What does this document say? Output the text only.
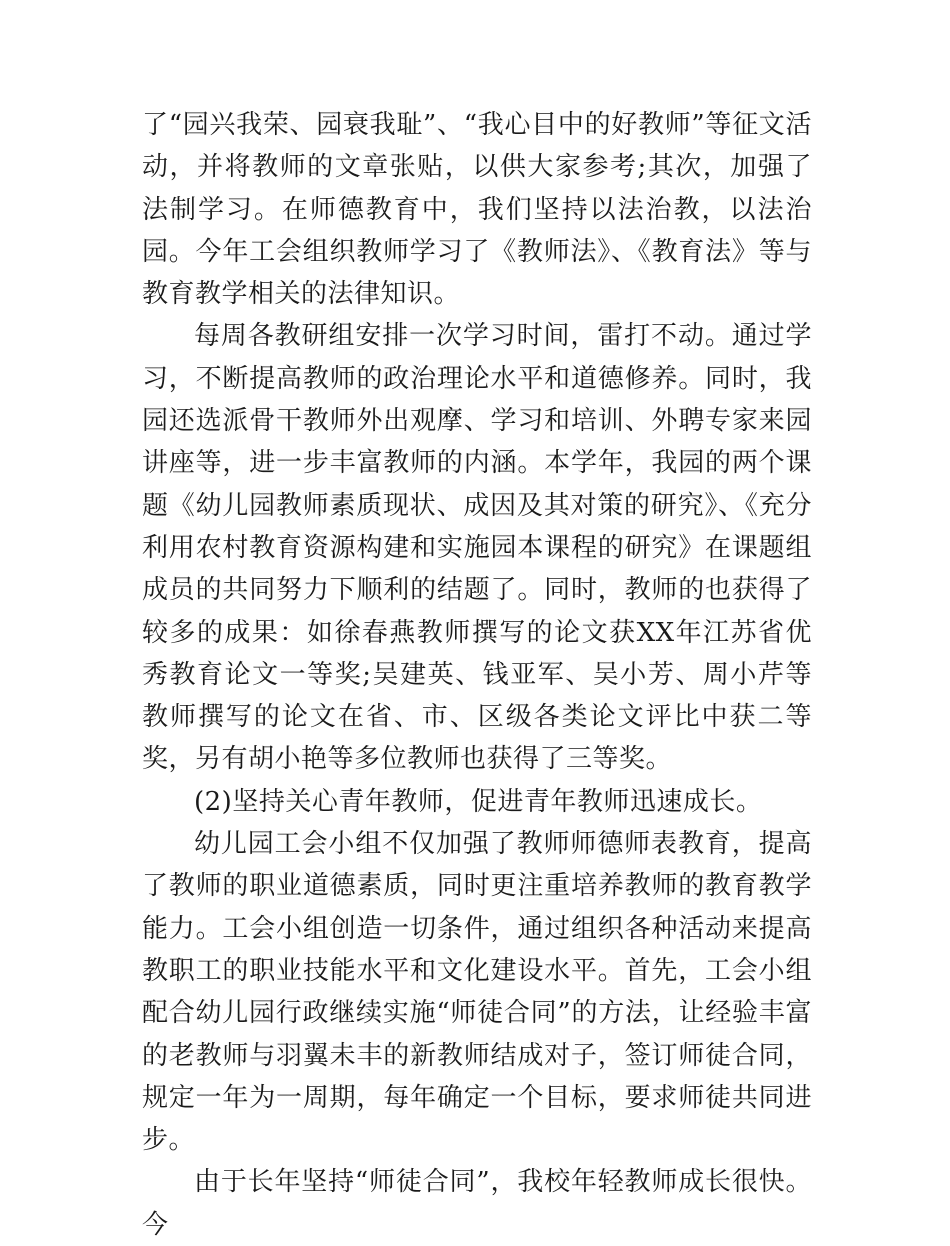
了“园兴我荣、园衰我耻”、“我心目中的好教师”等征文活动，并将教师的文章张贴，以供大家参考;其次，加强了法制学习。在师德教育中，我们坚持以法治教，以法治园。今年工会组织教师学习了《教师法》、《教育法》等与教育教学相关的法律知识。

每周各教研组安排一次学习时间，雷打不动。通过学习，不断提高教师的政治理论水平和道德修养。同时，我园还选派骨干教师外出观摩、学习和培训、外聘专家来园讲座等，进一步丰富教师的内涵。本学年，我园的两个课题《幼儿园教师素质现状、成因及其对策的研究》、《充分利用农村教育资源构建和实施园本课程的研究》在课题组成员的共同努力下顺利的结题了。同时，教师的也获得了较多的成果：如徐春燕教师撰写的论文获XX年江苏省优秀教育论文一等奖;吴建英、钱亚军、吴小芳、周小芹等教师撰写的论文在省、市、区级各类论文评比中获二等奖，另有胡小艳等多位教师也获得了三等奖。

(2)坚持关心青年教师，促进青年教师迅速成长。

幼儿园工会小组不仅加强了教师师德师表教育，提高了教师的职业道德素质，同时更注重培养教师的教育教学能力。工会小组创造一切条件，通过组织各种活动来提高教职工的职业技能水平和文化建设水平。首先，工会小组配合幼儿园行政继续实施“师徒合同”的方法，让经验丰富的老教师与羽翼未丰的新教师结成对子，签订师徒合同，规定一年为一周期，每年确定一个目标，要求师徒共同进步。

由于长年坚持“师徒合同”，我校年轻教师成长很快。今
